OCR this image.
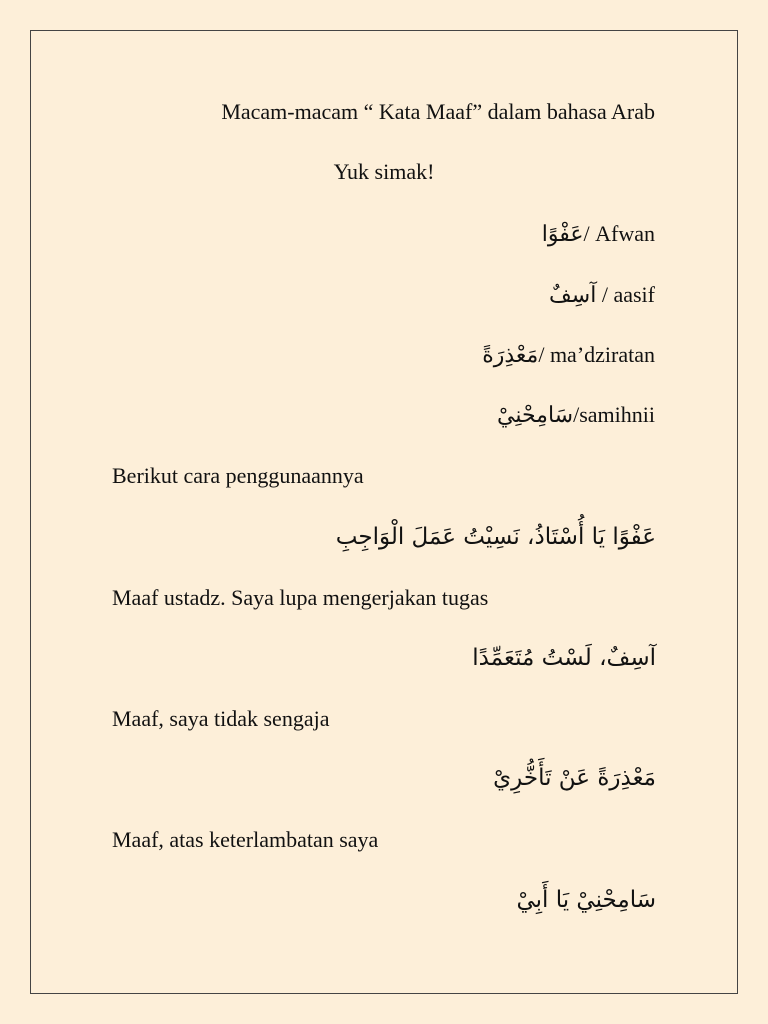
Macam-macam “ Kata Maaf” dalam bahasa Arab
Yuk simak!
عَفْوًا/ Afwan
آسِفٌ / aasif
مَعْذِرَةً/ ma’dziratan
سَامِحْنِيْ/samihnii
Berikut cara penggunaannya
عَفْوًا يَا أُسْتَاذُ، نَسِيْتُ عَمَلَ الْوَاجِبِ
Maaf ustadz. Saya lupa mengerjakan tugas
آسِفٌ، لَسْتُ مُتَعَمِّدًا
Maaf, saya tidak sengaja
مَعْذِرَةً عَنْ تَأَخُّرِيْ
Maaf, atas keterlambatan saya
سَامِحْنِيْ يَا أَبِيْ
